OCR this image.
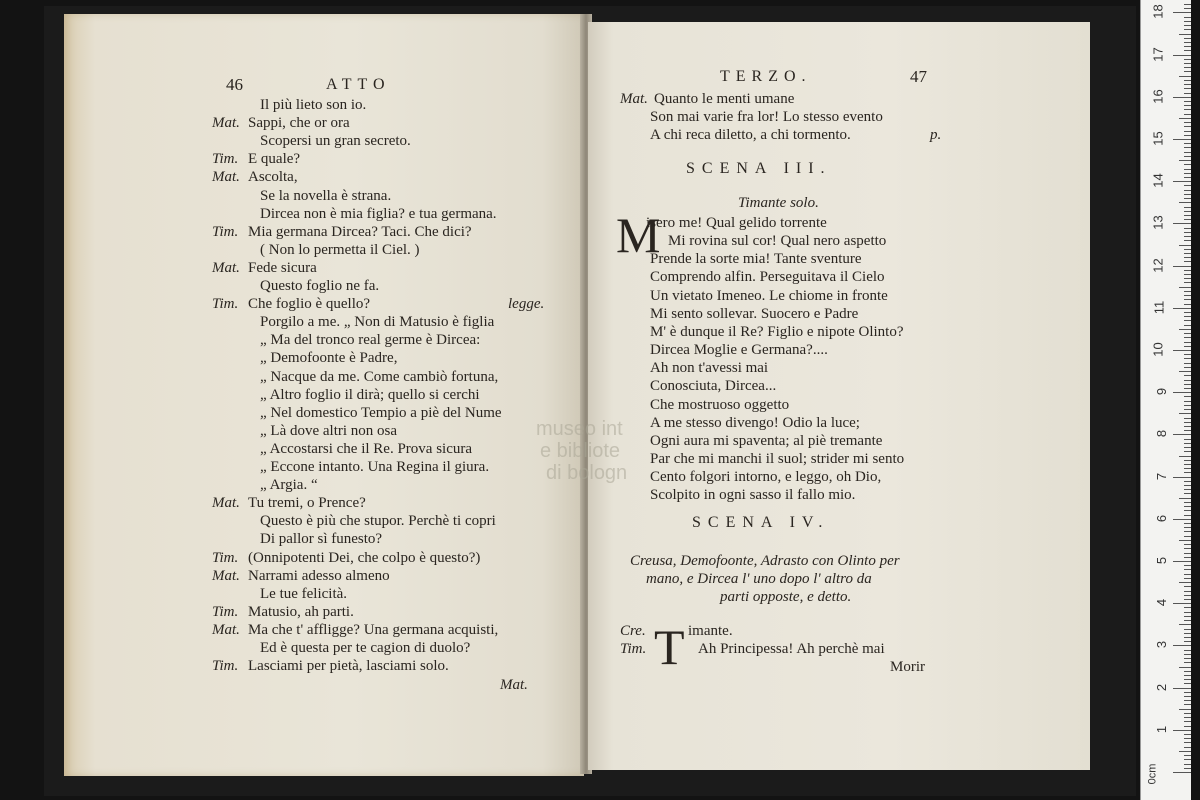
46	ATTO
Il più lieto son io.
Mat. Sappi, che or ora
Scopersi un gran secreto.
Tim. E quale?
Mat. Ascolta,
Se la novella è strana.
Dircea non è mia figlia? e tua germana.
Tim. Mia germana Dircea? Taci. Che dici?
( Non lo permetta il Ciel. )
Mat. Fede sicura
Questo foglio ne fa.
Tim. Che foglio è quello?
Porgilo a me. „ Non di Matusio è figlia
„ Ma del tronco real germe è Dircea:
„ Demofoonte è Padre,
„ Nacque da me. Come cambiò fortuna,
„ Altro foglio il dirà; quello si cerchi
„ Nel domestico Tempio a piè del Nume
„ Là dove altri non osa
„ Accostarsi che il Re. Prova sicura
„ Eccone intanto. Una Regina il giura.
„ Argia. “
Mat. Tu tremi, o Prence?
Questo è più che stupor. Perchè ti copri
Di pallor sì funesto?
Tim. (Onnipotenti Dei, che colpo è questo?)
Mat. Narrami adesso almeno
Le tue felicità.
Tim. Matusio, ah parti.
Mat. Ma che t' affligge? Una germana acquisti,
Ed è questa per te cagion di duolo?
Tim. Lasciami per pietà, lasciami solo.
legge.
Mat.
TERZO.	47
Mat. Quanto le menti umane
Son mai varie fra lor! Lo stesso evento
A chi reca diletto, a chi tormento.	p.
SCENA III.
Timante solo.
M
isero me! Qual gelido torrente
Mi rovina sul cor! Qual nero aspetto
Prende la sorte mia! Tante sventure
Comprendo alfin. Perseguitava il Cielo
Un vietato Imeneo. Le chiome in fronte
Mi sento sollevar. Suocero e Padre
M' è dunque il Re? Figlio e nipote Olinto?
Dircea Moglie e Germana?....
Ah non t'avessi mai
Conosciuta, Dircea...
Che mostruoso oggetto
A me stesso divengo! Odio la luce;
Ogni aura mi spaventa; al piè tremante
Par che mi manchi il suol; strider mi sento
Cento folgori intorno, e leggo, oh Dio,
Scolpito in ogni sasso il fallo mio.
SCENA IV.
Creusa, Demofoonte, Adrasto con Olinto per
mano, e Dircea l' uno dopo l' altro da
parti opposte, e detto.
T
Cre.	imante.
Tim.	Ah Principessa! Ah perchè mai
Morir
museo int
e bibliote
di bologn
0cm
18
17
16
15
14
13
12
11
10
9
8
7
6
5
4
3
2
1
